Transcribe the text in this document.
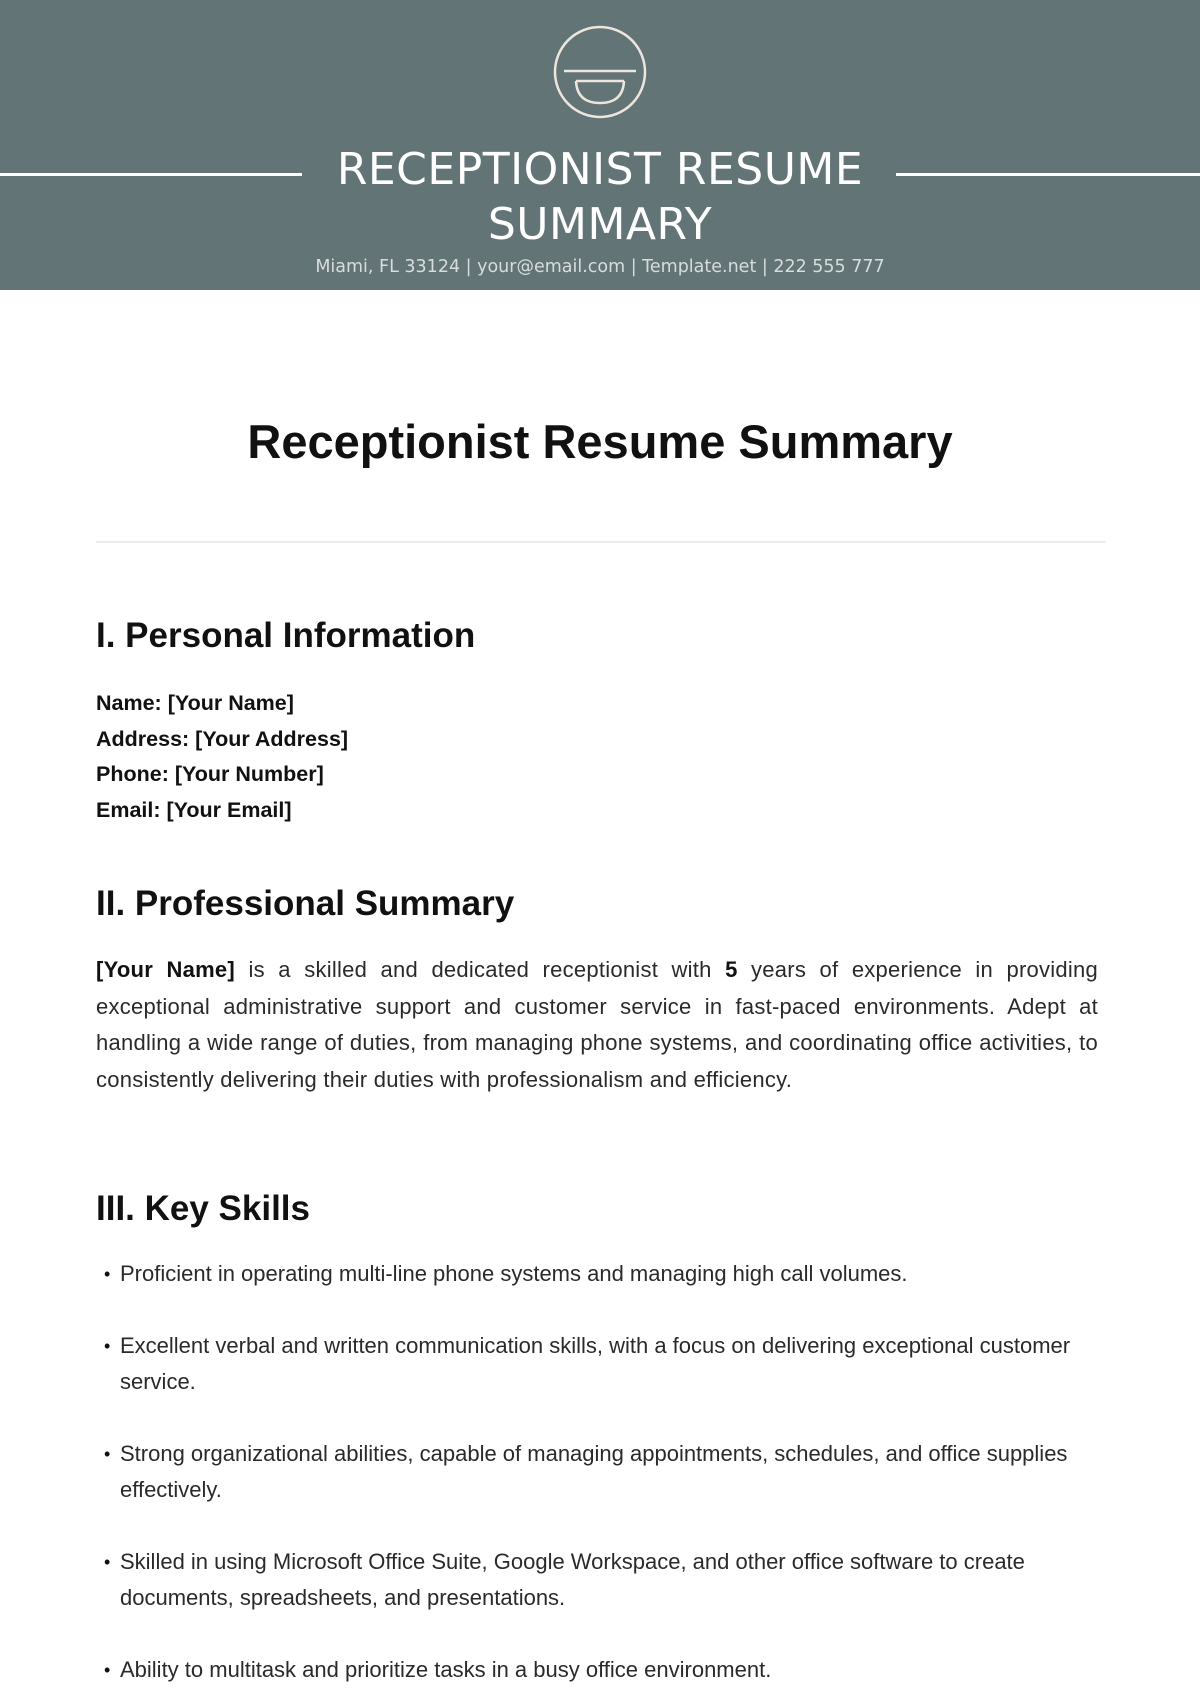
RECEPTIONIST RESUME
SUMMARY
Miami, FL 33124 | your@email.com | Template.net | 222 555 777
Receptionist Resume Summary
I. Personal Information
Name: [Your Name]
Address: [Your Address]
Phone: [Your Number]
Email: [Your Email]
II. Professional Summary

[Your Name] is a skilled and dedicated receptionist with 5 years of experience in providing exceptional administrative support and customer service in fast-paced environments. Adept at handling a wide range of duties, from managing phone systems, and coordinating office activities, to consistently delivering their duties with professionalism and efficiency.

III. Key Skills
• Proficient in operating multi-line phone systems and managing high call volumes.
• Excellent verbal and written communication skills, with a focus on delivering exceptional customer service.
• Strong organizational abilities, capable of managing appointments, schedules, and office supplies effectively.
• Skilled in using Microsoft Office Suite, Google Workspace, and other office software to create documents, spreadsheets, and presentations.
• Ability to multitask and prioritize tasks in a busy office environment.
